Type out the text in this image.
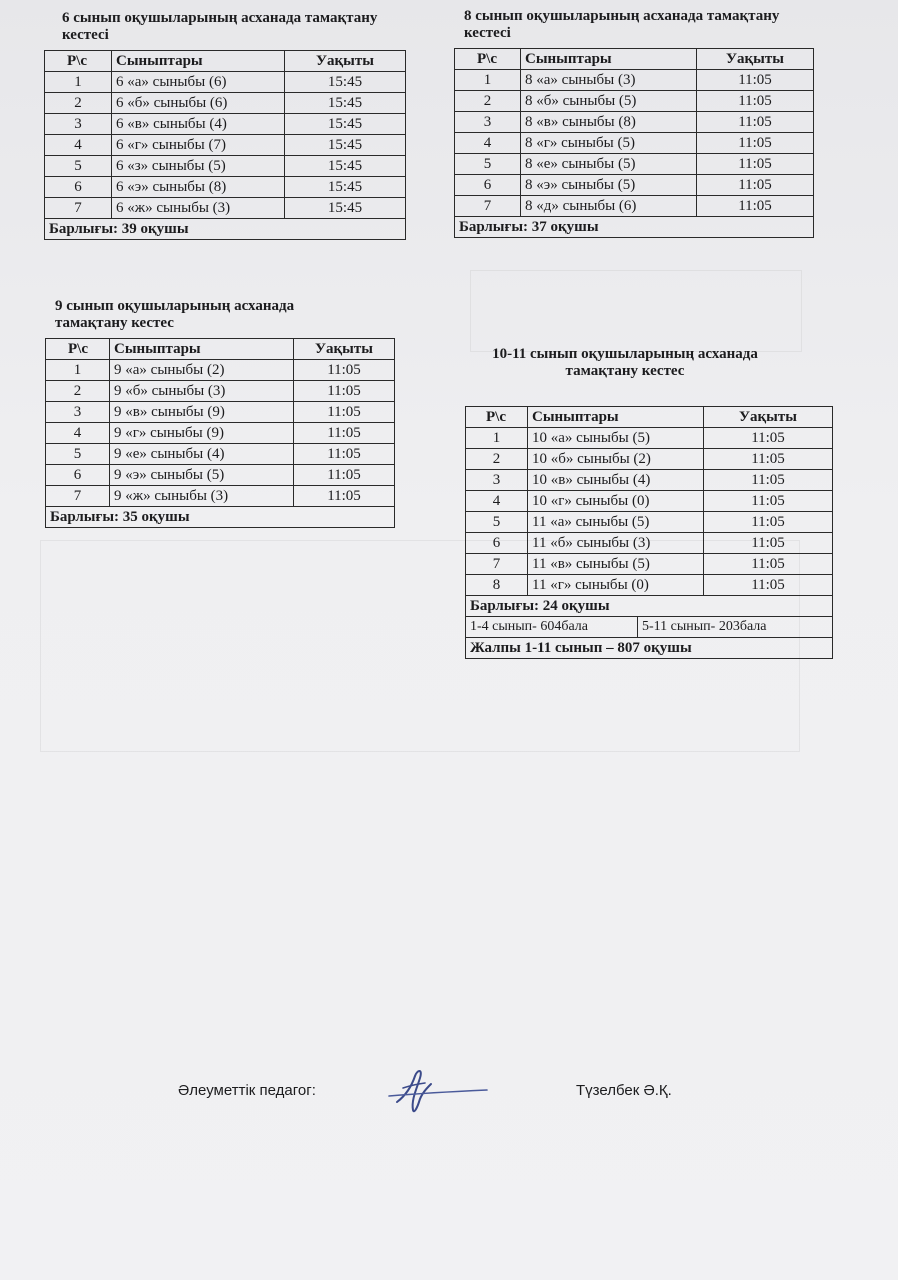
6 сынып оқушыларының асханада тамақтану кестесі
Р\с	Сыныптары	Уақыты
1	6 «а» сыныбы (6)	15:45
2	6 «б» сыныбы (6)	15:45
3	6 «в» сыныбы (4)	15:45
4	6 «г» сыныбы (7)	15:45
5	6 «з» сыныбы (5)	15:45
6	6 «э» сыныбы (8)	15:45
7	6 «ж» сыныбы (3)	15:45
Барлығы: 39 оқушы		
8 сынып оқушыларының асханада тамақтану кестесі
Р\с	Сыныптары	Уақыты
1	8 «а» сыныбы (3)	11:05
2	8 «б» сыныбы (5)	11:05
3	8 «в» сыныбы (8)	11:05
4	8 «г» сыныбы (5)	11:05
5	8 «е» сыныбы (5)	11:05
6	8 «э» сыныбы (5)	11:05
7	8 «д» сыныбы (6)	11:05
Барлығы: 37 оқушы		
9 сынып оқушыларының асханада тамақтану кестес
Р\с	Сыныптары	Уақыты
1	9 «а» сыныбы (2)	11:05
2	9 «б» сыныбы (3)	11:05
3	9 «в» сыныбы (9)	11:05
4	9 «г» сыныбы (9)	11:05
5	9 «е» сыныбы (4)	11:05
6	9 «э» сыныбы (5)	11:05
7	9 «ж» сыныбы (3)	11:05
Барлығы: 35 оқушы		
10-11 сынып оқушыларының асханада тамақтану кестес
Р\с	Сыныптары	Уақыты
1	10 «а» сыныбы (5)	11:05
2	10 «б» сыныбы (2)	11:05
3	10 «в» сыныбы (4)	11:05
4	10 «г» сыныбы (0)	11:05
5	11 «а» сыныбы (5)	11:05
6	11 «б» сыныбы (3)	11:05
7	11 «в» сыныбы (5)	11:05
8	11 «г» сыныбы (0)	11:05
Барлығы: 24 оқушы		
1-4 сынып- 604бала	5-11 сынып- 203бала
Жалпы 1-11 сынып – 807 оқушы
Әлеуметтік педагог:	Түзелбек Ә.Қ.
